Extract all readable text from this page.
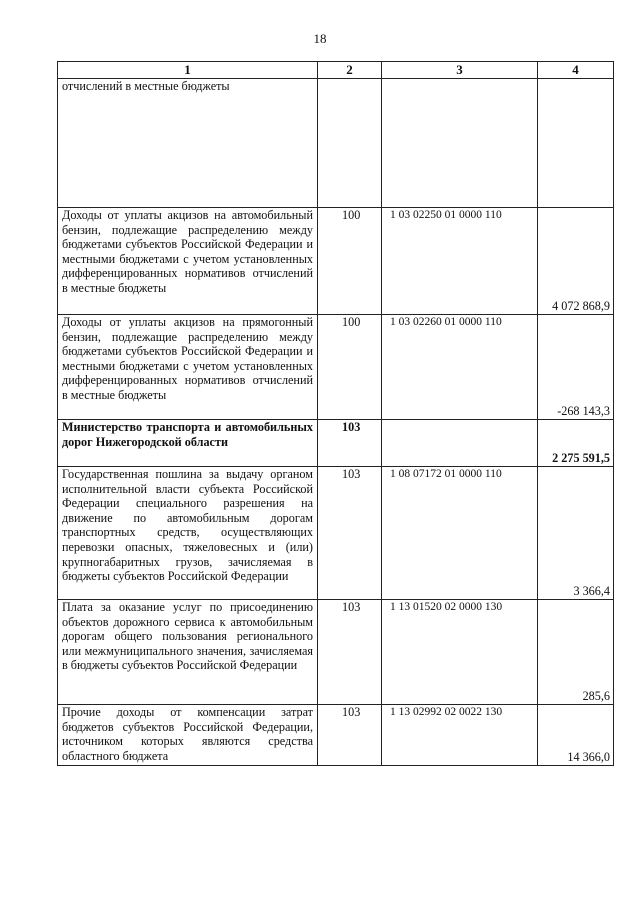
18
1	2	3	4
отчислений в местные бюджеты			
Доходы от уплаты акцизов на автомобильный бензин, подлежащие распределению между бюджетами субъектов Российской Федерации и местными бюджетами с учетом установленных дифференцированных нормативов отчислений в местные бюджеты	100	1 03 02250 01 0000 110	4 072 868,9
Доходы от уплаты акцизов на прямогонный бензин, подлежащие распределению между бюджетами субъектов Российской Федерации и местными бюджетами с учетом установленных дифференцированных нормативов отчислений в местные бюджеты	100	1 03 02260 01 0000 110	-268 143,3
Министерство транспорта и автомобильных дорог Нижегородской области	103		2 275 591,5
Государственная пошлина за выдачу органом исполнительной власти субъекта Российской Федерации специального разрешения на движение по автомобильным дорогам транспортных средств, осуществляющих перевозки опасных, тяжеловесных и (или) крупногабаритных грузов, зачисляемая в бюджеты субъектов Российской Федерации	103	1 08 07172 01 0000 110	3 366,4
Плата за оказание услуг по присоединению объектов дорожного сервиса к автомобильным дорогам общего пользования регионального или межмуниципального значения, зачисляемая в бюджеты субъектов Российской Федерации	103	1 13 01520 02 0000 130	285,6
Прочие доходы от компенсации затрат бюджетов субъектов Российской Федерации, источником которых являются средства областного бюджета	103	1 13 02992 02 0022 130	14 366,0
